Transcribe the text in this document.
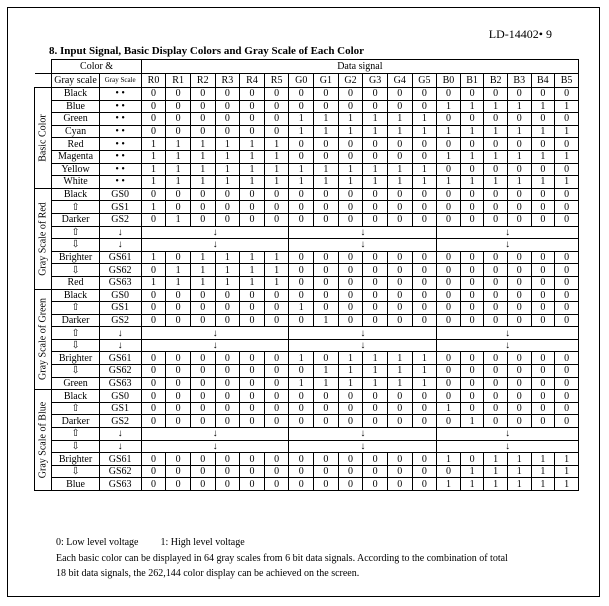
LD-14402• 9
8. Input Signal, Basic Display Colors and Gray Scale of Each Color
	Color &		Data signal																	
	Gray scale	Gray Scale	R0	R1	R2	R3	R4	R5	G0	G1	G2	G3	G4	G5	B0	B1	B2	B3	B4	B5

Basic Color	Black	• •	0	0	0	0	0	0	0	0	0	0	0	0	0	0	0	0	0	0
	Blue	• •	0	0	0	0	0	0	0	0	0	0	0	0	1	1	1	1	1	1
	Green	• •	0	0	0	0	0	0	1	1	1	1	1	1	0	0	0	0	0	0
	Cyan	• •	0	0	0	0	0	0	1	1	1	1	1	1	1	1	1	1	1	1
	Red	• •	1	1	1	1	1	1	0	0	0	0	0	0	0	0	0	0	0	0
	Magenta	• •	1	1	1	1	1	1	0	0	0	0	0	0	1	1	1	1	1	1
	Yellow	• •	1	1	1	1	1	1	1	1	1	1	1	1	0	0	0	0	0	0
	White	• •	1	1	1	1	1	1	1	1	1	1	1	1	1	1	1	1	1	1

Gray Scale of Red	Black	GS0	0	0	0	0	0	0	0	0	0	0	0	0	0	0	0	0	0	0
	⇧	GS1	1	0	0	0	0	0	0	0	0	0	0	0	0	0	0	0	0	0
	Darker	GS2	0	1	0	0	0	0	0	0	0	0	0	0	0	0	0	0	0	0
	⇧	↓	↓						↓						↓					
	⇩	↓	↓						↓						↓					
	Brighter	GS61	1	0	1	1	1	1	0	0	0	0	0	0	0	0	0	0	0	0
	⇩	GS62	0	1	1	1	1	1	0	0	0	0	0	0	0	0	0	0	0	0
	Red	GS63	1	1	1	1	1	1	0	0	0	0	0	0	0	0	0	0	0	0

Gray Scale of Green	Black	GS0	0	0	0	0	0	0	0	0	0	0	0	0	0	0	0	0	0	0
	⇧	GS1	0	0	0	0	0	0	1	0	0	0	0	0	0	0	0	0	0	0
	Darker	GS2	0	0	0	0	0	0	0	1	0	0	0	0	0	0	0	0	0	0
	⇧	↓	↓						↓						↓					
	⇩	↓	↓						↓						↓					
	Brighter	GS61	0	0	0	0	0	0	1	0	1	1	1	1	0	0	0	0	0	0
	⇩	GS62	0	0	0	0	0	0	0	1	1	1	1	1	0	0	0	0	0	0
	Green	GS63	0	0	0	0	0	0	1	1	1	1	1	1	0	0	0	0	0	0

Gray Scale of Blue	Black	GS0	0	0	0	0	0	0	0	0	0	0	0	0	0	0	0	0	0	0
	⇧	GS1	0	0	0	0	0	0	0	0	0	0	0	0	1	0	0	0	0	0
	Darker	GS2	0	0	0	0	0	0	0	0	0	0	0	0	0	1	0	0	0	0
	⇧	↓	↓						↓						↓					
	⇩	↓	↓						↓						↓					
	Brighter	GS61	0	0	0	0	0	0	0	0	0	0	0	0	1	0	1	1	1	1
	⇩	GS62	0	0	0	0	0	0	0	0	0	0	0	0	0	1	1	1	1	1
	Blue	GS63	0	0	0	0	0	0	0	0	0	0	0	0	1	1	1	1	1	1
0: Low level voltage 1: High level voltage
Each basic color can be displayed in 64 gray scales from 6 bit data signals. According to the combination of total
18 bit data signals, the 262,144 color display can be achieved on the screen.
